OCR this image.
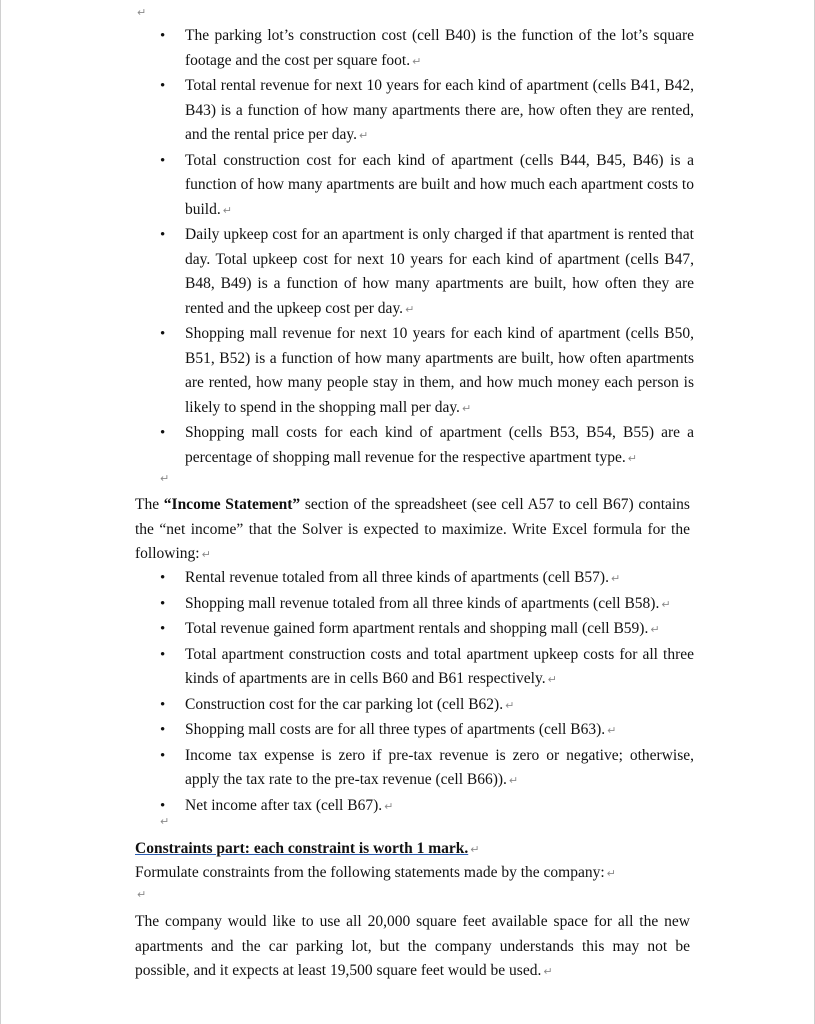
↵
•	The parking lot’s construction cost (cell B40) is the function of the lot’s square footage and the cost per square foot. ↵
•	Total rental revenue for next 10 years for each kind of apartment (cells B41, B42, B43) is a function of how many apartments there are, how often they are rented, and the rental price per day. ↵
•	Total construction cost for each kind of apartment (cells B44, B45, B46) is a function of how many apartments are built and how much each apartment costs to build. ↵
•	Daily upkeep cost for an apartment is only charged if that apartment is rented that day. Total upkeep cost for next 10 years for each kind of apartment (cells B47, B48, B49) is a function of how many apartments are built, how often they are rented and the upkeep cost per day. ↵
•	Shopping mall revenue for next 10 years for each kind of apartment (cells B50, B51, B52) is a function of how many apartments are built, how often apartments are rented, how many people stay in them, and how much money each person is likely to spend in the shopping mall per day. ↵
•	Shopping mall costs for each kind of apartment (cells B53, B54, B55) are a percentage of shopping mall revenue for the respective apartment type. ↵
↵

The “Income Statement” section of the spreadsheet (see cell A57 to cell B67) contains the “net income” that the Solver is expected to maximize. Write Excel formula for the following: ↵

•	Rental revenue totaled from all three kinds of apartments (cell B57). ↵
•	Shopping mall revenue totaled from all three kinds of apartments (cell B58). ↵
•	Total revenue gained form apartment rentals and shopping mall (cell B59). ↵
•	Total apartment construction costs and total apartment upkeep costs for all three kinds of apartments are in cells B60 and B61 respectively. ↵
•	Construction cost for the car parking lot (cell B62). ↵
•	Shopping mall costs are for all three types of apartments (cell B63). ↵
•	Income tax expense is zero if pre-tax revenue is zero or negative; otherwise, apply the tax rate to the pre-tax revenue (cell B66)). ↵
•	Net income after tax (cell B67). ↵
↵

Constraints part: each constraint is worth 1 mark. ↵

Formulate constraints from the following statements made by the company: ↵

↵

The company would like to use all 20,000 square feet available space for all the new apartments and the car parking lot, but the company understands this may not be possible, and it expects at least 19,500 square feet would be used. ↵
